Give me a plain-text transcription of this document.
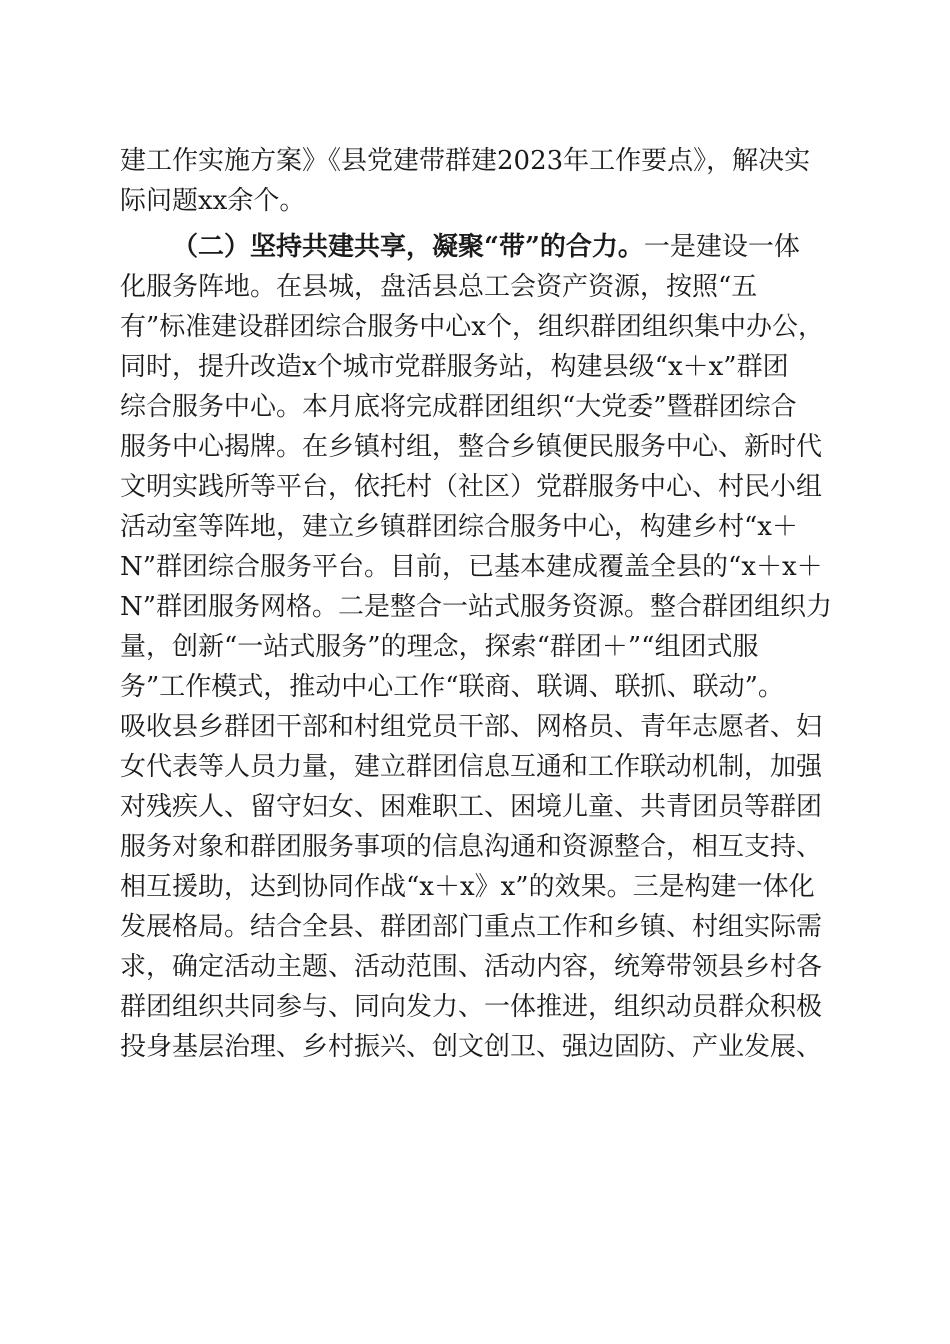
建工作实施方案》《县党建带群建2023年工作要点》，解决实
际问题xx余个。
（二）坚持共建共享，凝聚“带”的合力。一是建设一体
化服务阵地。在县城，盘活县总工会资产资源，按照“五
有”标准建设群团综合服务中心x个，组织群团组织集中办公，
同时，提升改造x个城市党群服务站，构建县级“x＋x”群团
综合服务中心。本月底将完成群团组织“大党委”暨群团综合
服务中心揭牌。在乡镇村组，整合乡镇便民服务中心、新时代
文明实践所等平台，依托村（社区）党群服务中心、村民小组
活动室等阵地，建立乡镇群团综合服务中心，构建乡村“x＋
N”群团综合服务平台。目前，已基本建成覆盖全县的“x＋x＋
N”群团服务网格。二是整合一站式服务资源。整合群团组织力
量，创新“一站式服务”的理念，探索“群团＋”“组团式服
务”工作模式，推动中心工作“联商、联调、联抓、联动”。
吸收县乡群团干部和村组党员干部、网格员、青年志愿者、妇
女代表等人员力量，建立群团信息互通和工作联动机制，加强
对残疾人、留守妇女、困难职工、困境儿童、共青团员等群团
服务对象和群团服务事项的信息沟通和资源整合，相互支持、
相互援助，达到协同作战“x＋x》x”的效果。三是构建一体化
发展格局。结合全县、群团部门重点工作和乡镇、村组实际需
求，确定活动主题、活动范围、活动内容，统筹带领县乡村各
群团组织共同参与、同向发力、一体推进，组织动员群众积极
投身基层治理、乡村振兴、创文创卫、强边固防、产业发展、
